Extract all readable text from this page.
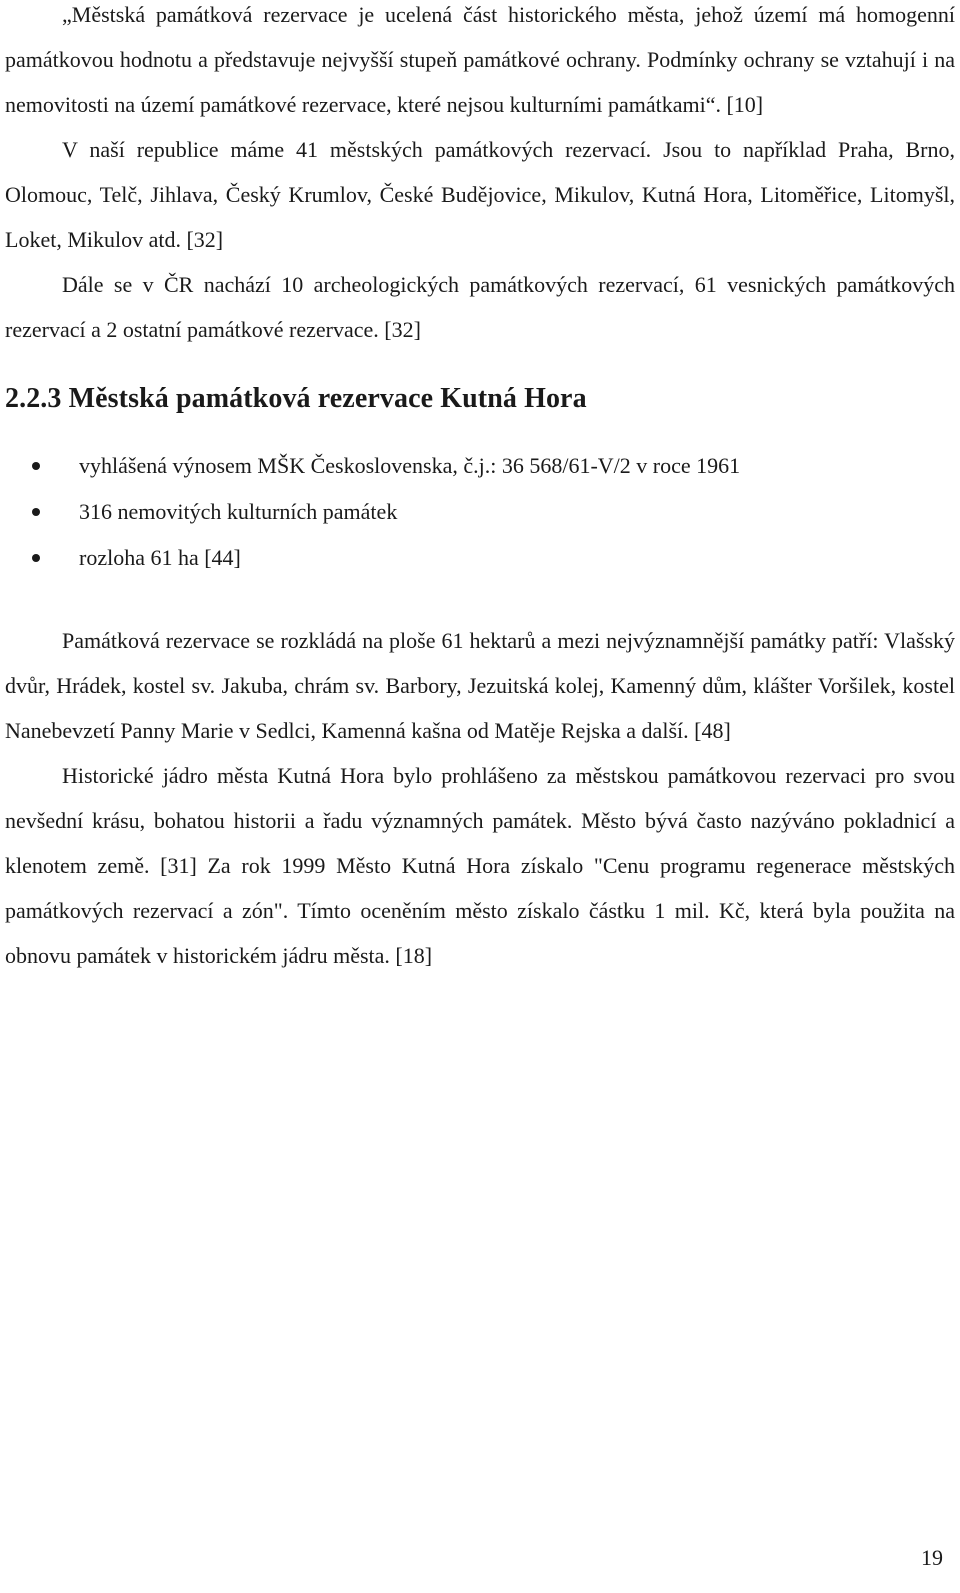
„Městská památková rezervace je ucelená část historického města, jehož území má homogenní památkovou hodnotu a představuje nejvyšší stupeň památkové ochrany. Podmínky ochrany se vztahují i na nemovitosti na území památkové rezervace, které nejsou kulturními památkami“. [10]

V naší republice máme 41 městských památkových rezervací. Jsou to například Praha, Brno, Olomouc, Telč, Jihlava, Český Krumlov, České Budějovice, Mikulov, Kutná Hora, Litoměřice, Litomyšl, Loket, Mikulov atd. [32]

Dále se v ČR nachází 10 archeologických památkových rezervací, 61 vesnických památkových rezervací a 2 ostatní památkové rezervace. [32]

2.2.3 Městská památková rezervace Kutná Hora
vyhlášená výnosem MŠK Československa, č.j.: 36 568/61-V/2 v roce 1961
316 nemovitých kulturních památek
rozloha 61 ha [44]

Památková rezervace se rozkládá na ploše 61 hektarů a mezi nejvýznamnější památky patří: Vlašský dvůr, Hrádek, kostel sv. Jakuba, chrám sv. Barbory, Jezuitská kolej, Kamenný dům, klášter Voršilek, kostel Nanebevzetí Panny Marie v Sedlci, Kamenná kašna od Matěje Rejska a další. [48]

Historické jádro města Kutná Hora bylo prohlášeno za městskou památkovou rezervaci pro svou nevšední krásu, bohatou historii a řadu významných památek. Město bývá často nazýváno pokladnicí a klenotem země. [31] Za rok 1999 Město Kutná Hora získalo "Cenu programu regenerace městských památkových rezervací a zón". Tímto oceněním město získalo částku 1 mil. Kč, která byla použita na obnovu památek v historickém jádru města. [18]

19
